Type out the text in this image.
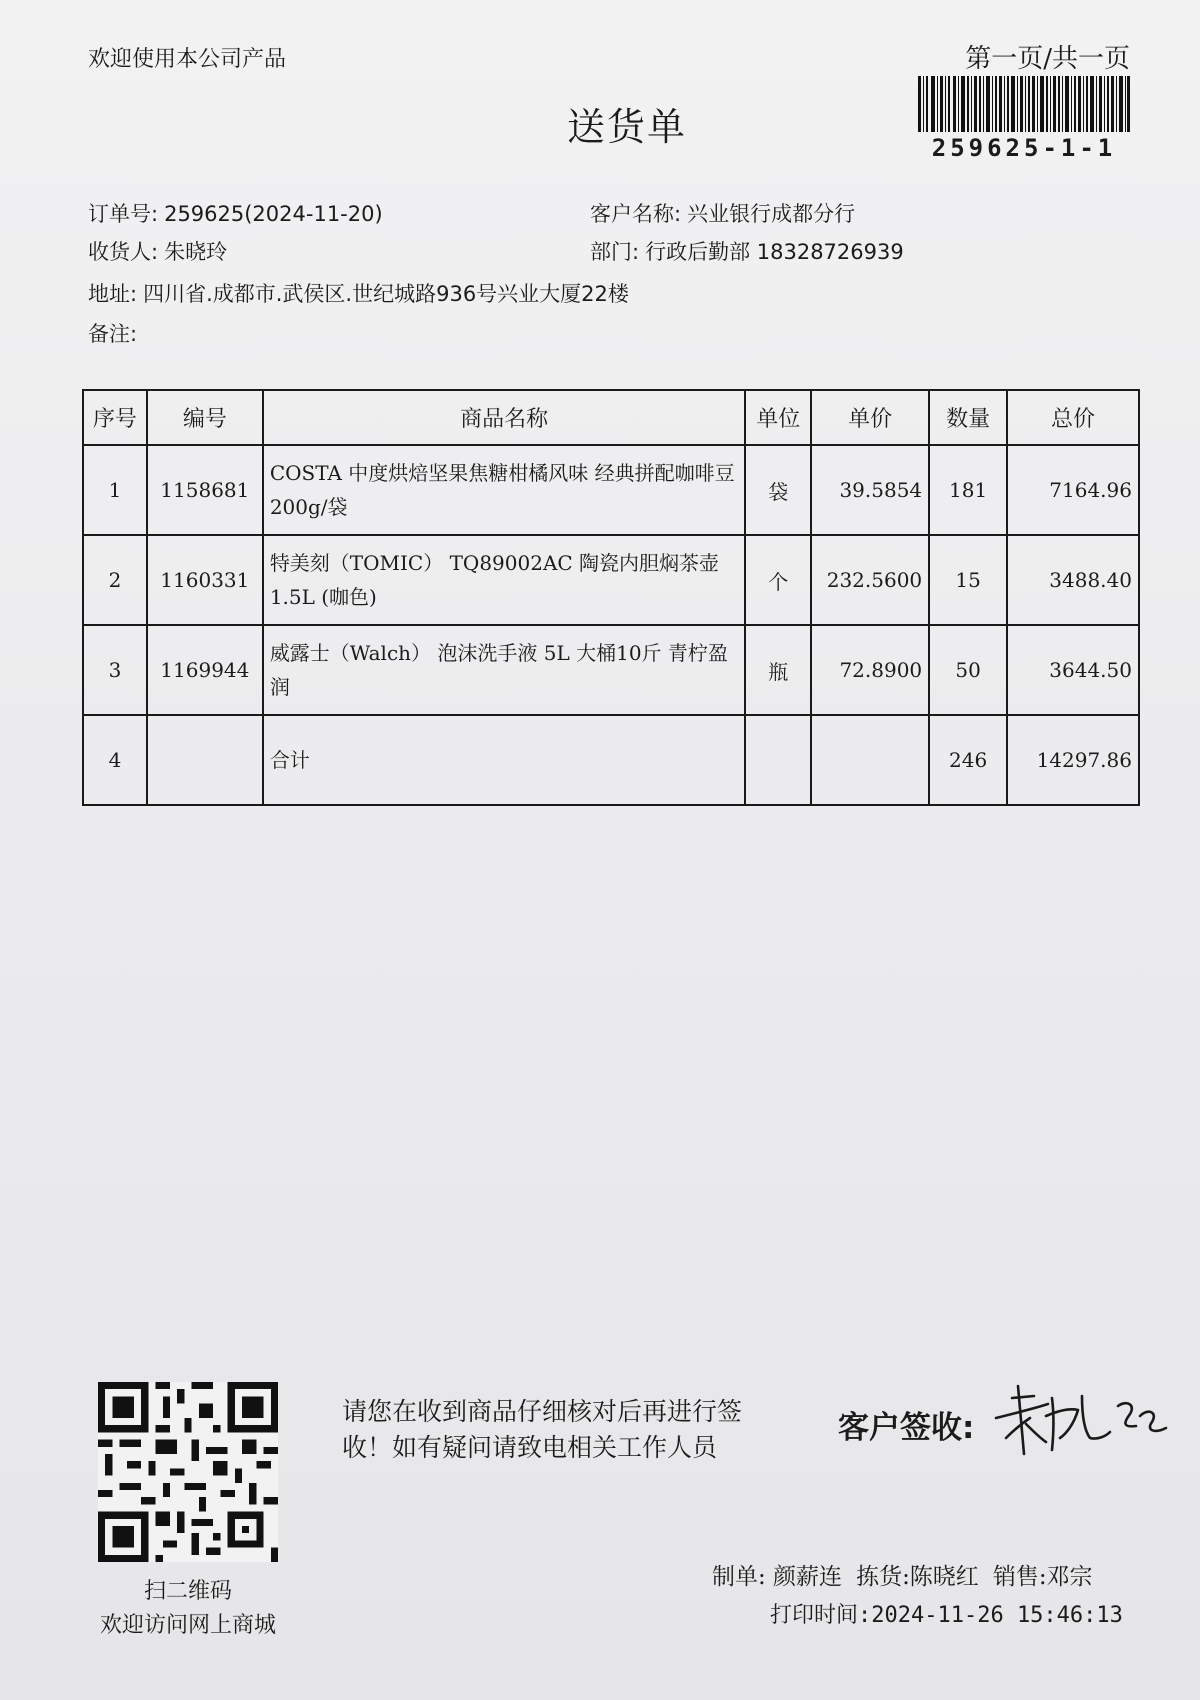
欢迎使用本公司产品	第一页/共一页
送货单	259625-1-1
订单号: 259625(2024-11-20)	客户名称: 兴业银行成都分行
收货人: 朱晓玲	部门: 行政后勤部 18328726939
地址: 四川省.成都市.武侯区.世纪城路936号兴业大厦22楼
备注:
序号	编号	商品名称	单位	单价	数量	总价
1	1158681	COSTA 中度烘焙坚果焦糖柑橘风味 经典拼配咖啡豆200g/袋	袋	39.5854	181	7164.96
2	1160331	特美刻（TOMIC） TQ89002AC 陶瓷内胆焖茶壶1.5L (咖色)	个	232.5600	15	3488.40
3	1169944	威露士（Walch） 泡沫洗手液 5L 大桶10斤 青柠盈润	瓶	72.8900	50	3644.50
4		合计			246	14297.86
扫二维码
欢迎访问网上商城
请您在收到商品仔细核对后再进行签收！如有疑问请致电相关工作人员
客户签收:
制单: 颜薪连 拣货:陈晓红 销售:邓宗
打印时间:2024-11-26 15:46:13
